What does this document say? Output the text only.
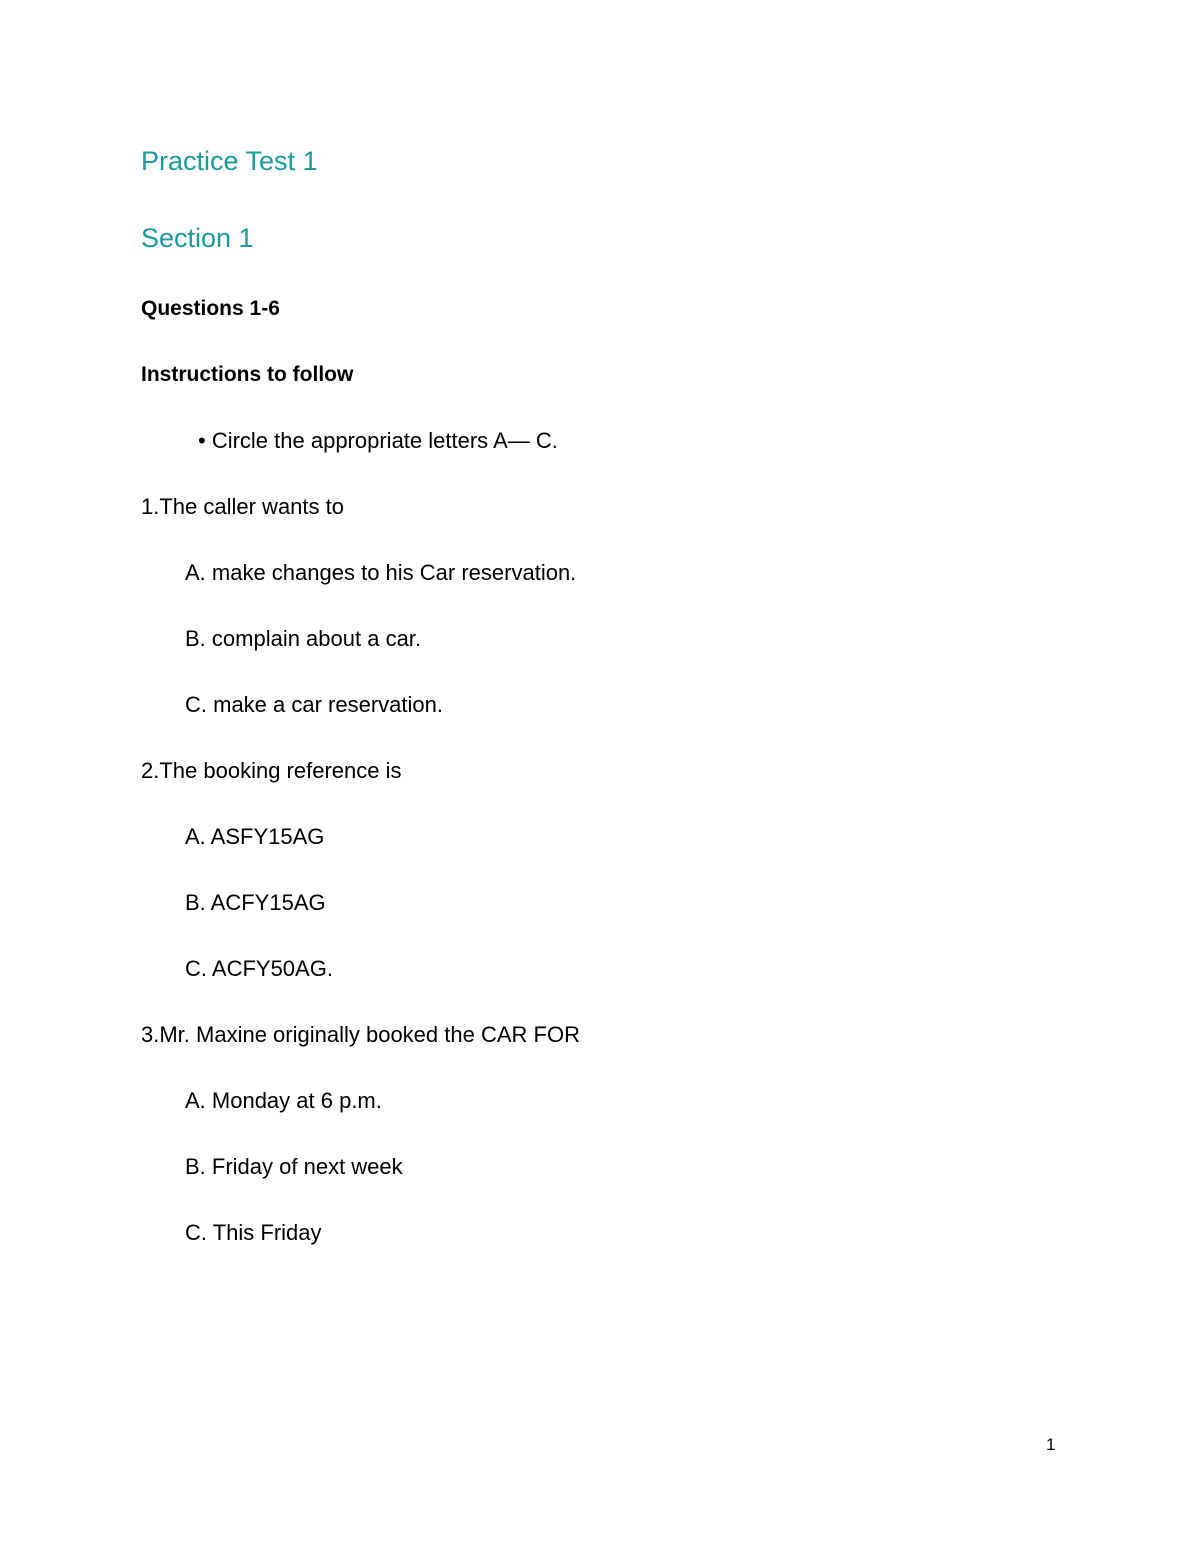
Practice Test 1
Section 1
Questions 1-6
Instructions to follow
• Circle the appropriate letters A— C.
1.The caller wants to
A. make changes to his Car reservation.
B. complain about a car.
C. make a car reservation.
2.The booking reference is
A. ASFY15AG
B. ACFY15AG
C. ACFY50AG.
3.Mr. Maxine originally booked the CAR FOR
A. Monday at 6 p.m.
B. Friday of next week
C. This Friday
1
